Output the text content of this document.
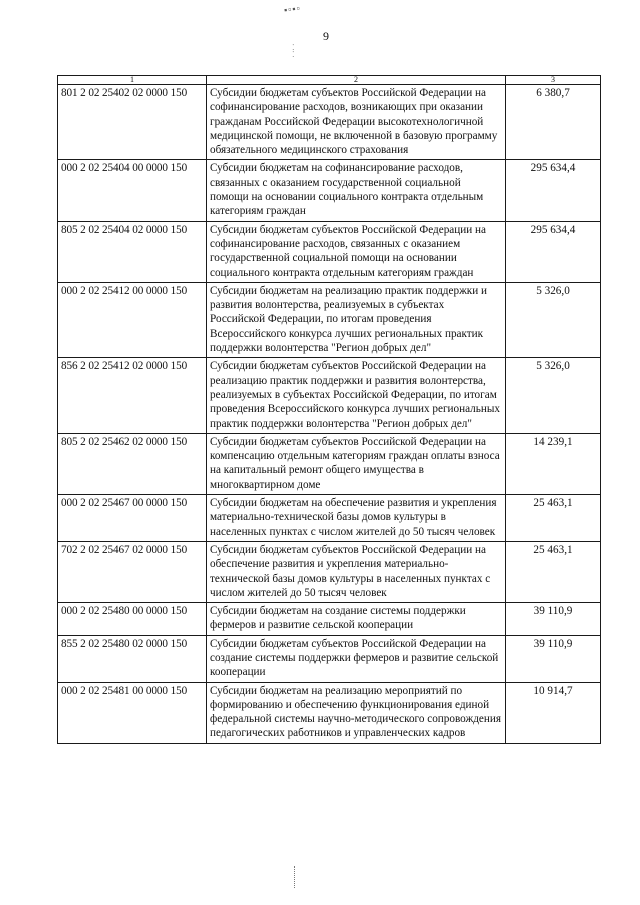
▪▫▪▫
⁚
⁚
9
1	2	3
801 2 02 25402 02 0000 150	Субсидии бюджетам субъектов Российской Федерации на софинансирование расходов, возникающих при оказании гражданам Российской Федерации высокотехнологичной медицинской помощи, не включенной в базовую программу обязательного медицинского страхования	6 380,7
000 2 02 25404 00 0000 150	Субсидии бюджетам на софинансирование расходов, связанных с оказанием государственной социальной помощи на основании социального контракта отдельным категориям граждан	295 634,4
805 2 02 25404 02 0000 150	Субсидии бюджетам субъектов Российской Федерации на софинансирование расходов, связанных с оказанием государственной социальной помощи на основании социального контракта отдельным категориям граждан	295 634,4
000 2 02 25412 00 0000 150	Субсидии бюджетам на реализацию практик поддержки и развития волонтерства, реализуемых в субъектах Российской Федерации, по итогам проведения Всероссийского конкурса лучших региональных практик поддержки волонтерства "Регион добрых дел"	5 326,0
856 2 02 25412 02 0000 150	Субсидии бюджетам субъектов Российской Федерации на реализацию практик поддержки и развития волонтерства, реализуемых в субъектах Российской Федерации, по итогам проведения Всероссийского конкурса лучших региональных практик поддержки волонтерства "Регион добрых дел"	5 326,0
805 2 02 25462 02 0000 150	Субсидии бюджетам субъектов Российской Федерации на компенсацию отдельным категориям граждан оплаты взноса на капитальный ремонт общего имущества в многоквартирном доме	14 239,1
000 2 02 25467 00 0000 150	Субсидии бюджетам на обеспечение развития и укрепления материально-технической базы домов культуры в населенных пунктах с числом жителей до 50 тысяч человек	25 463,1
702 2 02 25467 02 0000 150	Субсидии бюджетам субъектов Российской Федерации на обеспечение развития и укрепления материально-технической базы домов культуры в населенных пунктах с числом жителей до 50 тысяч человек	25 463,1
000 2 02 25480 00 0000 150	Субсидии бюджетам на создание системы поддержки фермеров и развитие сельской кооперации	39 110,9
855 2 02 25480 02 0000 150	Субсидии бюджетам субъектов Российской Федерации на создание системы поддержки фермеров и развитие сельской кооперации	39 110,9
000 2 02 25481 00 0000 150	Субсидии бюджетам на реализацию мероприятий по формированию и обеспечению функционирования единой федеральной системы научно-методического сопровождения педагогических работников и управленческих кадров	10 914,7
